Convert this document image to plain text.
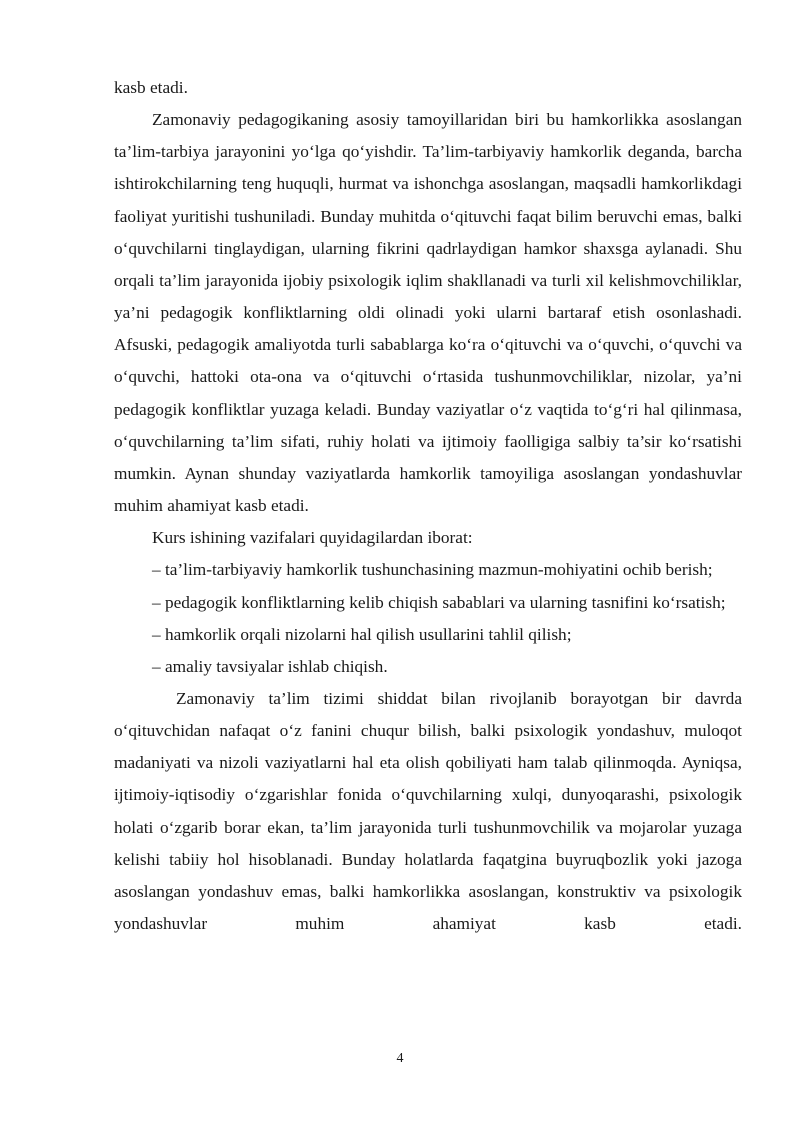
kasb etadi.

Zamonaviy pedagogikaning asosiy tamoyillaridan biri bu hamkorlikka asoslangan ta’lim-tarbiya jarayonini yo‘lga qo‘yishdir. Ta’lim-tarbiyaviy hamkorlik deganda, barcha ishtirokchilarning teng huquqli, hurmat va ishonchga asoslangan, maqsadli hamkorlikdagi faoliyat yuritishi tushuniladi. Bunday muhitda o‘qituvchi faqat bilim beruvchi emas, balki o‘quvchilarni tinglaydigan, ularning fikrini qadrlaydigan hamkor shaxsga aylanadi. Shu orqali ta’lim jarayonida ijobiy psixologik iqlim shakllanadi va turli xil kelishmovchiliklar, ya’ni pedagogik konfliktlarning oldi olinadi yoki ularni bartaraf etish osonlashadi. Afsuski, pedagogik amaliyotda turli sabablarga ko‘ra o‘qituvchi va o‘quvchi, o‘quvchi va o‘quvchi, hattoki ota-ona va o‘qituvchi o‘rtasida tushunmovchiliklar, nizolar, ya’ni pedagogik konfliktlar yuzaga keladi. Bunday vaziyatlar o‘z vaqtida to‘g‘ri hal qilinmasa, o‘quvchilarning ta’lim sifati, ruhiy holati va ijtimoiy faolligiga salbiy ta’sir ko‘rsatishi mumkin. Aynan shunday vaziyatlarda hamkorlik tamoyiliga asoslangan yondashuvlar muhim ahamiyat kasb etadi.

Kurs ishining vazifalari quyidagilardan iborat:

– ta’lim-tarbiyaviy hamkorlik tushunchasining mazmun-mohiyatini ochib berish;

– pedagogik konfliktlarning kelib chiqish sabablari va ularning tasnifini ko‘rsatish;

– hamkorlik orqali nizolarni hal qilish usullarini tahlil qilish;

– amaliy tavsiyalar ishlab chiqish.

Zamonaviy ta’lim tizimi shiddat bilan rivojlanib borayotgan bir davrda o‘qituvchidan nafaqat o‘z fanini chuqur bilish, balki psixologik yondashuv, muloqot madaniyati va nizoli vaziyatlarni hal eta olish qobiliyati ham talab qilinmoqda. Ayniqsa, ijtimoiy-iqtisodiy o‘zgarishlar fonida o‘quvchilarning xulqi, dunyoqarashi, psixologik holati o‘zgarib borar ekan, ta’lim jarayonida turli tushunmovchilik va mojarolar yuzaga kelishi tabiiy hol hisoblanadi. Bunday holatlarda faqatgina buyruqbozlik yoki jazoga asoslangan yondashuv emas, balki hamkorlikka asoslangan, konstruktiv va psixologik yondashuvlar muhim ahamiyat kasb etadi.

4
